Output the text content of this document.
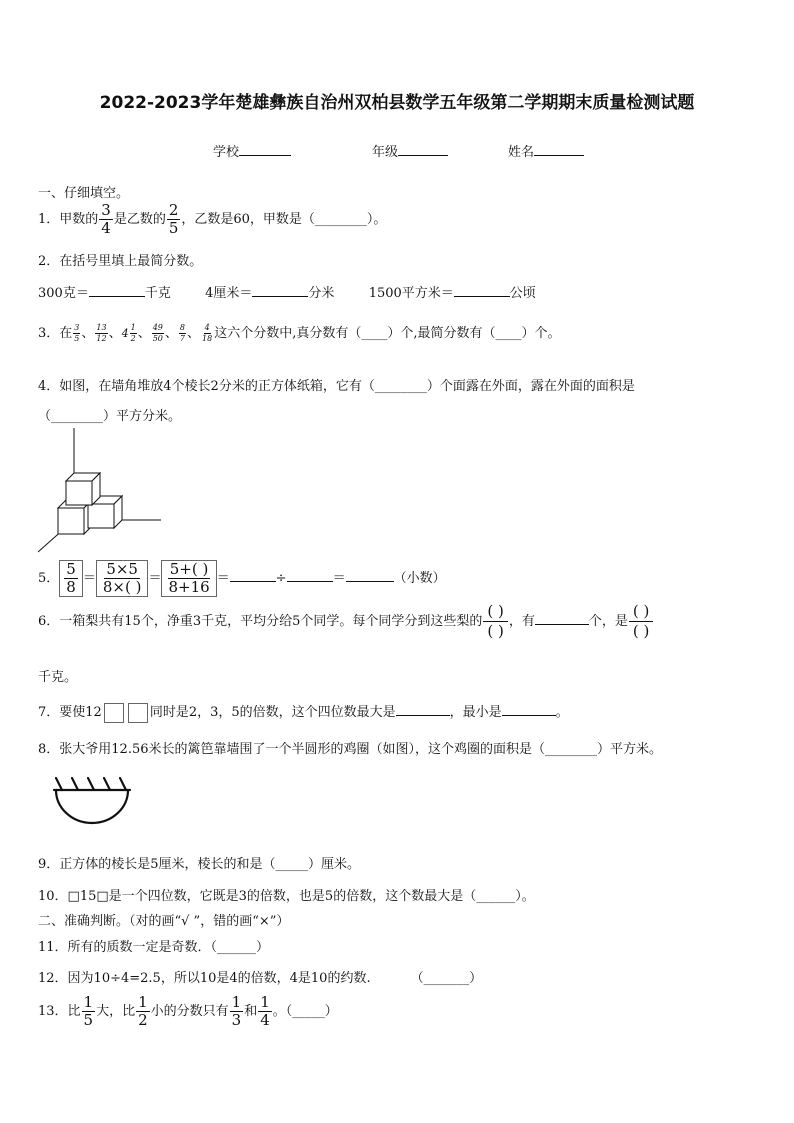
2022-2023学年楚雄彝族自治州双柏县数学五年级第二学期期末质量检测试题
学校	年级	姓名
一、仔细填空。
1．甲数的 $\frac{3}{4}$ 是乙数的 $\frac{2}{5}$ ，乙数是60，甲数是（________）。
2．在括号里填上最简分数。
300克＝	千克	4厘米＝	分米	1500平方米＝	公顷
3．在 $\frac{3}{5}$ 、 $\frac{13}{12}$ 、$4 \frac{1}{2}$ 、 $\frac{49}{50}$ 、 $\frac{8}{7}$ 、 $\frac{4}{18}$ 这六个分数中,真分数有（____）个,最简分数有（____）个。
4．如图，在墙角堆放4个棱长2分米的正方体纸箱，它有（________）个面露在外面，露在外面的面积是
（________）平方分米。
5． $\frac{5}{8} = \frac{5\times 5}{8\times( )} = \frac{5+( )}{8+16}$ ＝	÷	＝	（小数）
6．一箱梨共有15个，净重3千克，平均分给5个同学。每个同学分到这些梨的 $\frac{( )}{( )}$ ，有	个，是 $\frac{( )}{( )}$
千克。
7．要使12	同时是2，3，5的倍数，这个四位数最大是	，最小是	。
8．张大爷用12.56米长的篱笆靠墙围了一个半圆形的鸡圈（如图），这个鸡圈的面积是（________）平方米。
9．正方体的棱长是5厘米，棱长的和是（_____）厘米。
10．□15□是一个四位数，它既是3的倍数，也是5的倍数，这个数最大是（______）。
二、准确判断。（对的画“√ ”，错的画“×”）
11．所有的质数一定是奇数．（______）
12．因为10÷4=2.5，所以10是4的倍数，4是10的约数.	（_______）
13．比 $\frac{1}{5}$ 大，比 $\frac{1}{2}$ 小的分数只有 $\frac{1}{3}$ 和 $\frac{1}{4}$ 。（_____）
